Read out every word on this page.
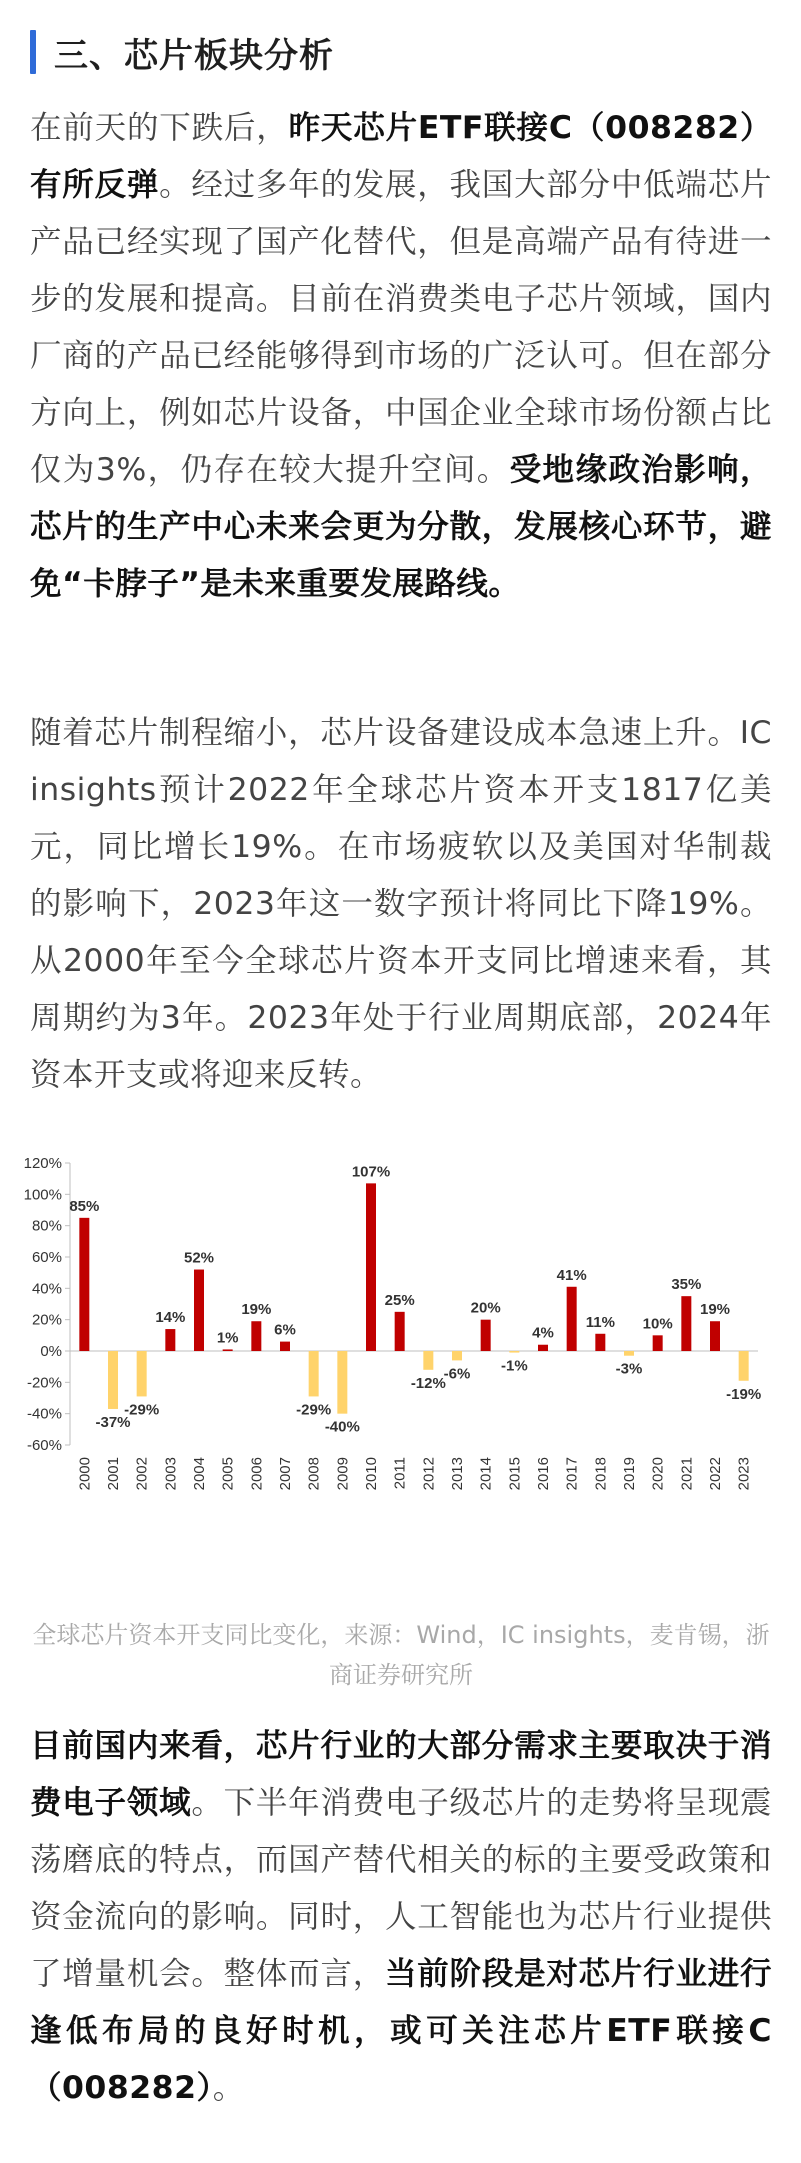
三、芯片板块分析

在前天的下跌后，昨天芯片ETF联接C（008282）有所反弹。经过多年的发展，我国大部分中低端芯片产品已经实现了国产化替代，但是高端产品有待进一步的发展和提高。目前在消费类电子芯片领域，国内厂商的产品已经能够得到市场的广泛认可。但在部分方向上，例如芯片设备，中国企业全球市场份额占比仅为3%，仍存在较大提升空间。受地缘政治影响，芯片的生产中心未来会更为分散，发展核心环节，避免“卡脖子”是未来重要发展路线。

随着芯片制程缩小，芯片设备建设成本急速上升。IC insights预计2022年全球芯片资本开支1817亿美元，同比增长19%。在市场疲软以及美国对华制裁的影响下，2023年这一数字预计将同比下降19%。从2000年至今全球芯片资本开支同比增速来看，其周期约为3年。2023年处于行业周期底部，2024年资本开支或将迎来反转。

120%
100%
80%
60%
40%
20%
0%
-20%
-40%
-60%
85%
2000
-37%
2001
-29%
2002
14%
2003
52%
2004
1%
2005
19%
2006
6%
2007
-29%
2008
-40%
2009
107%
2010
25%
2011
-12%
2012
-6%
2013
20%
2014
-1%
2015
4%
2016
41%
2017
11%
2018
-3%
2019
10%
2020
35%
2021
19%
2022
-19%
2023
全球芯片资本开支同比变化，来源：Wind，IC insights，麦肯锡，浙商证券研究所

目前国内来看，芯片行业的大部分需求主要取决于消费电子领域。下半年消费电子级芯片的走势将呈现震荡磨底的特点，而国产替代相关的标的主要受政策和资金流向的影响。同时，人工智能也为芯片行业提供了增量机会。整体而言，当前阶段是对芯片行业进行逢低布局的良好时机，或可关注芯片ETF联接C（008282）。
